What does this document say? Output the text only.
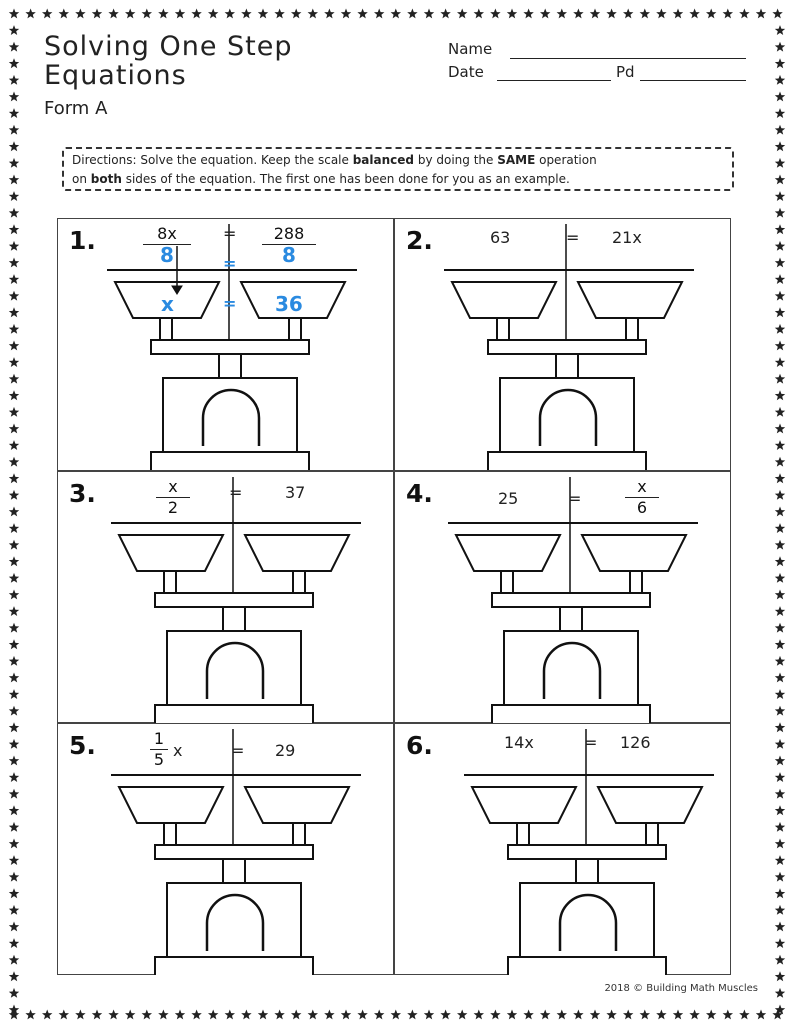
Solving One Step
Equations
Form A
Name
Date	Pd
Directions: Solve the equation. Keep the scale balanced by doing the SAME operation
on both sides of the equation. The first one has been done for you as an example.
1.	8x
8
=
=
=
288
8
x	36
2.	63	= 21x
3.	x
2
=	37	4.	25	=
x
6
5.	1
5 x	= 29	6.	14x	= 126
2018 © Building Math Muscles
